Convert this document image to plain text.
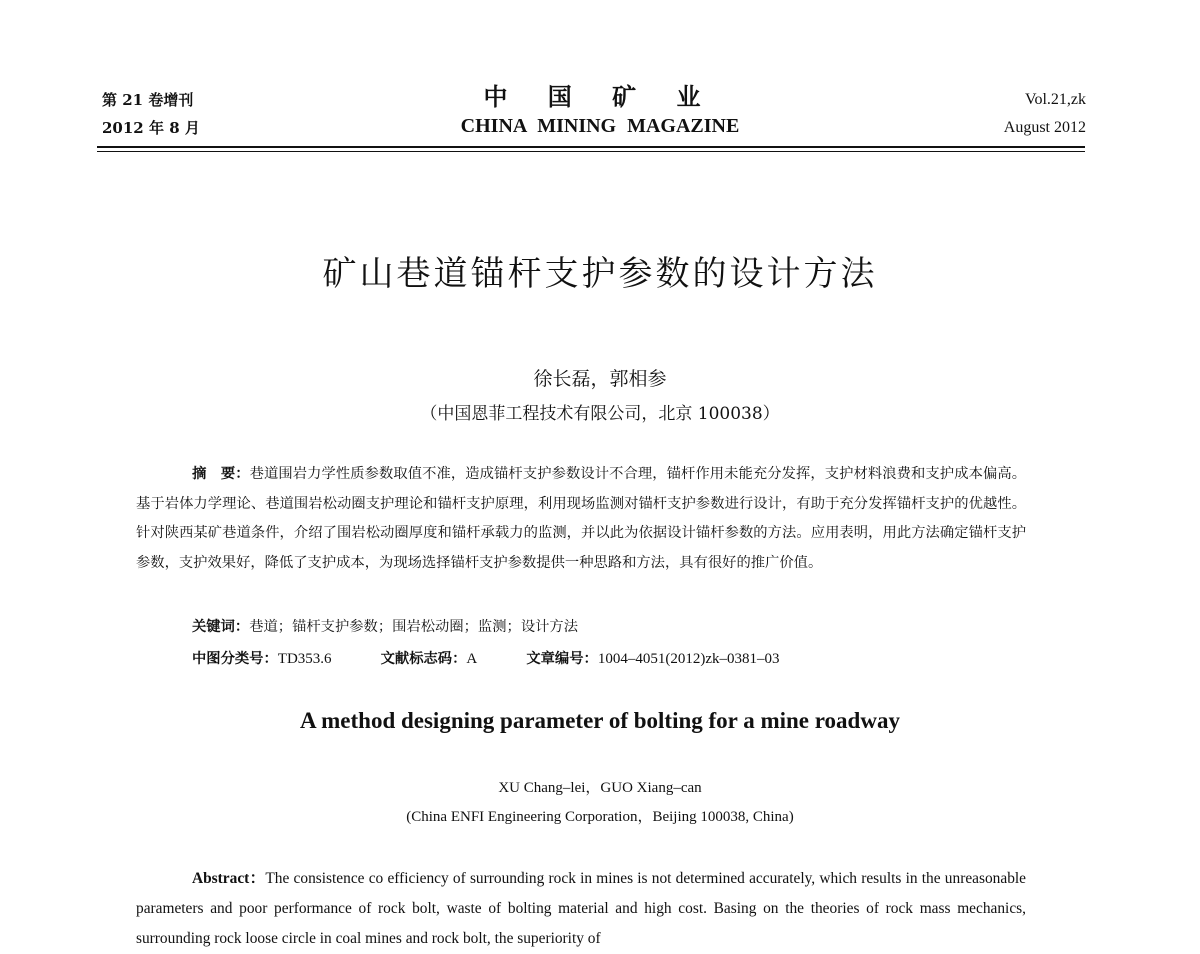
第 21 卷增刊
2012 年 8 月
中 国 矿 业
CHINA MINING MAGAZINE
Vol.21,zk
August 2012
矿山巷道锚杆支护参数的设计方法
徐长磊，郭相参
（中国恩菲工程技术有限公司，北京 100038）
摘　要：巷道围岩力学性质参数取值不准，造成锚杆支护参数设计不合理，锚杆作用未能充分发挥，支护材料浪费和支护成本偏高。基于岩体力学理论、巷道围岩松动圈支护理论和锚杆支护原理，利用现场监测对锚杆支护参数进行设计，有助于充分发挥锚杆支护的优越性。针对陕西某矿巷道条件，介绍了围岩松动圈厚度和锚杆承载力的监测，并以此为依据设计锚杆参数的方法。应用表明，用此方法确定锚杆支护参数，支护效果好，降低了支护成本，为现场选择锚杆支护参数提供一种思路和方法，具有很好的推广价值。
关键词：巷道；锚杆支护参数；围岩松动圈；监测；设计方法
中图分类号：TD353.6	文献标志码：A	文章编号：1004–4051(2012)zk–0381–03
A method designing parameter of bolting for a mine roadway
XU Chang–lei，GUO Xiang–can
(China ENFI Engineering Corporation，Beijing 100038, China)
Abstract：The consistence co efficiency of surrounding rock in mines is not determined accurately, which results in the unreasonable parameters and poor performance of rock bolt, waste of bolting material and high cost. Basing on the theories of rock mass mechanics, surrounding rock loose circle in coal mines and rock bolt, the superiority of
